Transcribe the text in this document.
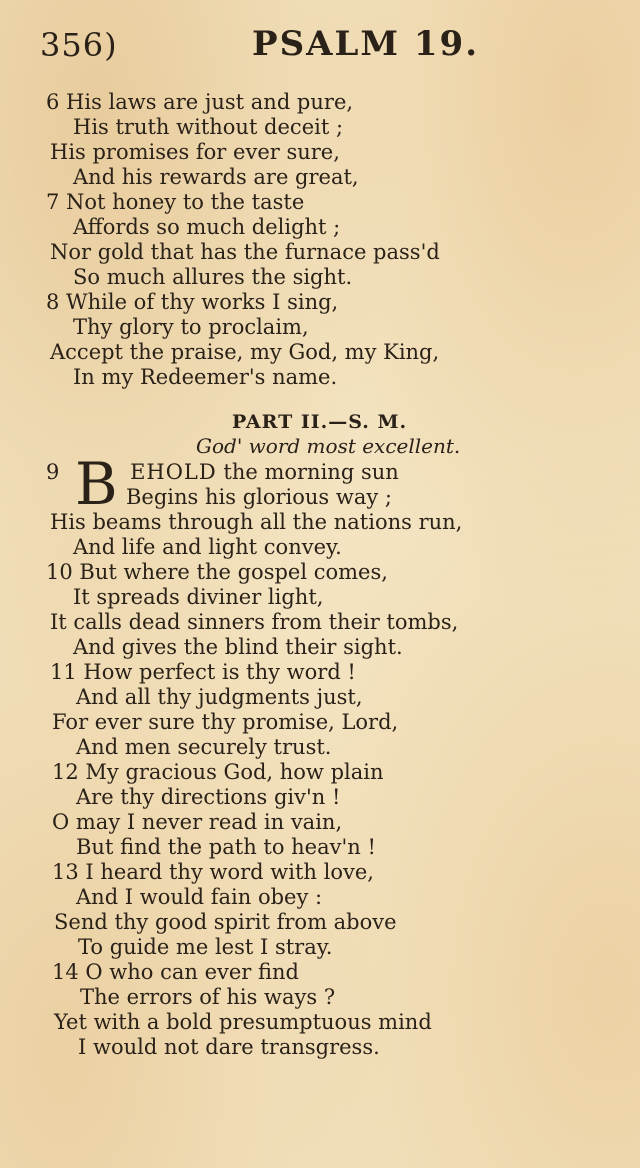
356)	PSALM 19.
6 His laws are just and pure,
His truth without deceit ;
His promises for ever sure,
And his rewards are great,
7 Not honey to the taste
Affords so much delight ;
Nor gold that has the furnace pass'd
So much allures the sight.
8 While of thy works I sing,
Thy glory to proclaim,
Accept the praise, my God, my King,
In my Redeemer's name.
PART II.—S. M.
God' word most excellent.
9	EHOLD the morning sun
B Begins his glorious way ;
His beams through all the nations run,
And life and light convey.
10 But where the gospel comes,
It spreads diviner light,
It calls dead sinners from their tombs,
And gives the blind their sight.
11 How perfect is thy word !
And all thy judgments just,
For ever sure thy promise, Lord,
And men securely trust.
12 My gracious God, how plain
Are thy directions giv'n !
O may I never read in vain,
But find the path to heav'n !
13 I heard thy word with love,
And I would fain obey :
Send thy good spirit from above
To guide me lest I stray.
14 O who can ever find
The errors of his ways ?
Yet with a bold presumptuous mind
I would not dare transgress.
